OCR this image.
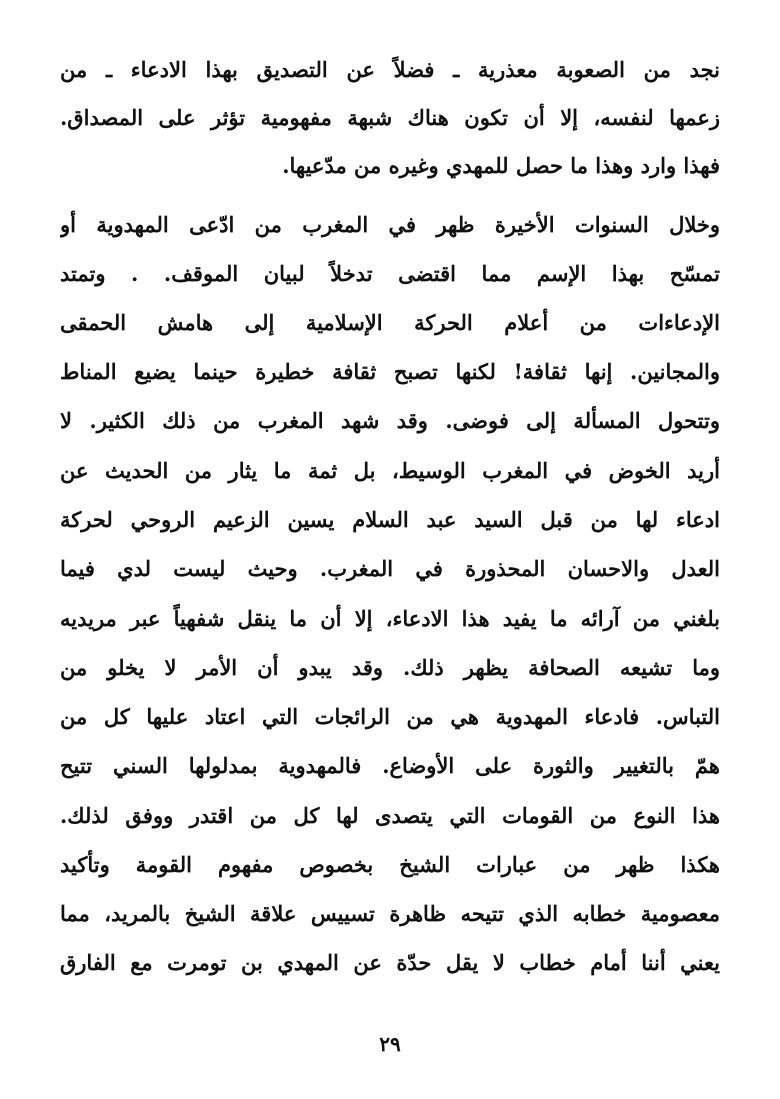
نجد من الصعوبة معذرية ـ فضلاً عن التصديق بهذا الادعاء ـ من
زعمها لنفسه، إلا أن تكون هناك شبهة مفهومية تؤثر على المصداق.
فهذا وارد وهذا ما حصل للمهدي وغيره من مدّعيها.
وخلال السنوات الأخيرة ظهر في المغرب من ادّعى المهدوية أو
تمسّح بهذا الإسم مما اقتضى تدخلاً لبيان الموقف. . وتمتد
الإدعاءات من أعلام الحركة الإسلامية إلى هامش الحمقى
والمجانين. إنها ثقافة! لكنها تصبح ثقافة خطيرة حينما يضيع المناط
وتتحول المسألة إلى فوضى. وقد شهد المغرب من ذلك الكثير. لا
أريد الخوض في المغرب الوسيط، بل ثمة ما يثار من الحديث عن
ادعاء لها من قبل السيد عبد السلام يسين الزعيم الروحي لحركة
العدل والاحسان المحذورة في المغرب. وحيث ليست لدي فيما
بلغني من آرائه ما يفيد هذا الادعاء، إلا أن ما ينقل شفهياً عبر مريديه
وما تشيعه الصحافة يظهر ذلك. وقد يبدو أن الأمر لا يخلو من
التباس. فادعاء المهدوية هي من الرائجات التي اعتاد عليها كل من
همّ بالتغيير والثورة على الأوضاع. فالمهدوية بمدلولها السني تتيح
هذا النوع من القومات التي يتصدى لها كل من اقتدر ووفق لذلك.
هكذا ظهر من عبارات الشيخ بخصوص مفهوم القومة وتأكيد
معصومية خطابه الذي تتيحه ظاهرة تسييس علاقة الشيخ بالمريد، مما
يعني أننا أمام خطاب لا يقل حدّة عن المهدي بن تومرت مع الفارق
٢٩
